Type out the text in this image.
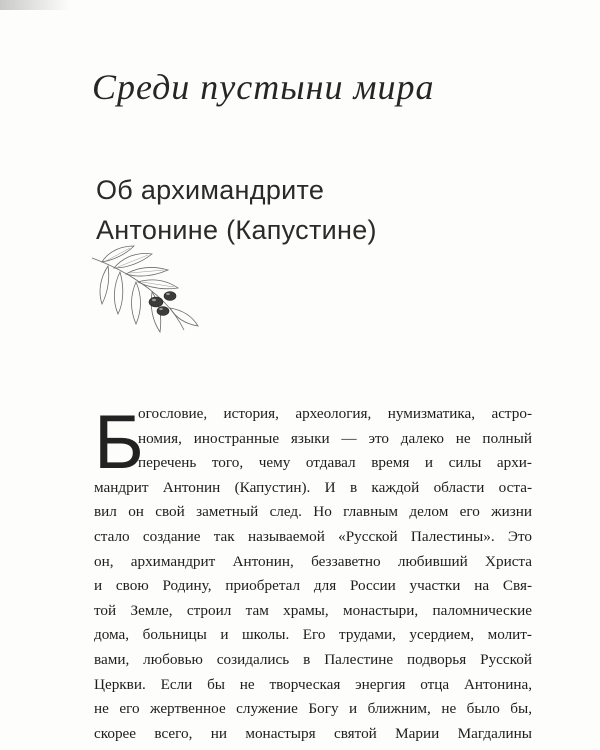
Среди пустыни мира
Об архимандрите
Антонине (Капустине)
Б
огословие, история, археология, нумизматика, астро-
номия, иностранные языки — это далеко не полный
перечень того, чему отдавал время и силы архи-
мандрит Антонин (Капустин). И в каждой области оста-
вил он свой заметный след. Но главным делом его жизни
стало создание так называемой «Русской Палестины». Это
он, архимандрит Антонин, беззаветно любивший Христа
и свою Родину, приобретал для России участки на Свя-
той Земле, строил там храмы, монастыри, паломнические
дома, больницы и школы. Его трудами, усердием, молит-
вами, любовью созидались в Палестине подворья Русской
Церкви. Если бы не творческая энергия отца Антонина,
не его жертвенное служение Богу и ближним, не было бы,
скорее всего, ни монастыря святой Марии Магдалины
